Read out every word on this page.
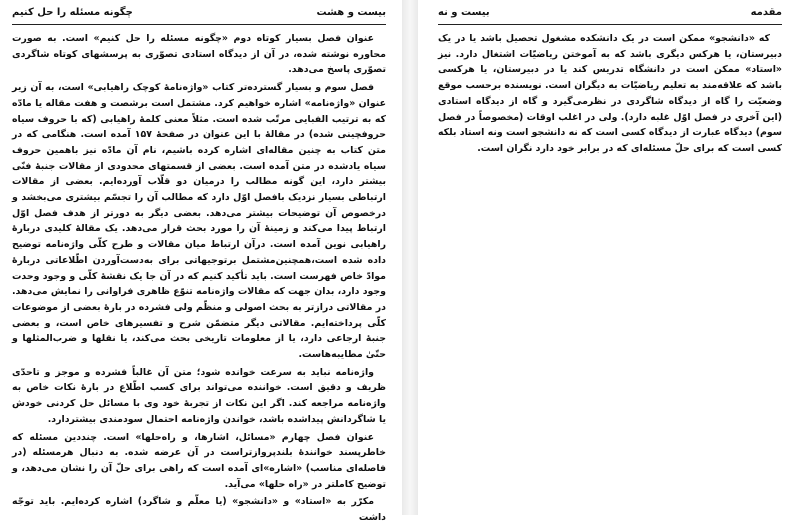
بیست و هشت
چگونه مسئله را حل کنیم

عنوان فصل بسیار کوتاه دوم «چگونه مسئله را حل کنیم» است. به صورت محاوره نوشته شده، در آن از دیدگاه استادی تصوّری به پرسشهای کوتاه شاگردی تصوّری پاسخ می‌دهد.

فصل سوم و بسیار گسترده‌تر کتاب «واژه‌نامهٔ کوچک راهیابی» است، به آن زیر عنوان «واژه‌نامه» اشاره خواهیم کرد. مشتمل است برشصت و هفت مقاله یا مادّه که به ترتیب الفبایی مرتّب شده است. مثلاً معنی کلمهٔ راهیابی (که با حروف سیاه حروفچینی شده) در مقالهٔ با این عنوان در صفحهٔ ۱۵۷ آمده است. هنگامی که در متن کتاب به چنین مقاله‌ای اشاره کرده باشیم، نام آن مادّه نیز باهمین حروف سیاه یادشده در متن آمده است. بعضی از قسمتهای محدودی از مقالات جنبهٔ فنّی بیشتر دارد، این گونه مطالب را درمیان دو قلّاب آورده‌ایم. بعضی از مقالات ارتباطی بسیار نزدیک بافصل اوّل دارد که مطالب آن را تجسّم بیشتری می‌بخشد و درخصوص آن توضیحات بیشتر می‌دهد. بعضی دیگر به دورتر از هدف فصل اوّل ارتباط پیدا می‌کند و زمینهٔ آن را مورد بحث قرار می‌دهد. یک مقالهٔ کلیدی دربارهٔ راهیابی نوین آمده است. درآن ارتباط میان مقالات و طرح کلّی واژه‌نامه توضیح داده شده است،همچنین‌مشتمل برتوجیهاتی برای به‌دست‌آوردن اطّلاعاتی دربارهٔ موادّ خاص فهرست است. باید تأکید کنیم که در آن جا یک نقشهٔ کلّی و وجود وحدت وجود دارد، بدان جهت که مقالات واژه‌نامه تنوّع ظاهری فراوانی را نمایش می‌دهد. در مقالاتی درازتر به بحث اصولی و منظّم ولی فشرده در بارهٔ بعضی از موضوعات کلّی پرداخته‌ایم. مقالاتی دیگر متضمّن شرح و تفسیرهای خاص است، و بعضی جنبهٔ ارجاعی دارد، یا از معلومات تاریخی بحث می‌کند، یا نقلها و ضرب‌المثلها و حتّیٰ مطایبه‌هاست.

واژه‌نامه نباید به سرعت خوانده شود؛ متن آن غالباً فشرده و موجز و تاحدّی ظریف و دقیق است. خواننده می‌تواند برای کسب اطّلاع در بارهٔ نکات خاص به واژه‌نامه مراجعه کند. اگر این نکات از تجربهٔ خود وی با مسائل حل کردنی خودش یا شاگردانش پیداشده باشد، خواندن واژه‌نامه احتمال سودمندی بیشتردارد.

عنوان فصل چهارم «مسائل، اشارها، و راه‌حلها» است. چنددین مسئله که خاطرپسند خوانندهٔ بلندپروازتراست در آن عرضه شده. به دنبال هرمسئله (در فاصله‌ای مناسب) «اشاره»ای آمده است که راهی برای حلّ آن را نشان می‌دهد، و توضیح کاملتر در «راه حلها» می‌آید.

مکرّر به «استاد» و «دانشجو» (یا معلّم و شاگرد) اشاره کرده‌ایم. باید توجّه داشت

مقدمه
بیست و نه

که «دانشجو» ممکن است در یک دانشکده مشغول تحصیل باشد یا در یک دبیرستان، یا هرکس دیگری باشد که به آموختن ریاضیّات اشتغال دارد. نیز «استاد» ممکن است در دانشگاه تدریس کند یا در دبیرستان، یا هرکسی باشد که علاقه‌مند به تعلیم ریاضیّات به دیگران است. نویسنده برحسب موقع وضعیّت را گاه از دیدگاه شاگردی در نظرمی‌گیرد و گاه از دیدگاه استادی (این آخری در فصل اوّل غلبه دارد). ولی در اغلب اوقات (مخصوصاً در فصل سوم) دیدگاه عبارت از دیدگاه کسی است که نه دانشجو است ونه استاد بلکه کسی است که برای حلّ مسئله‌ای که در برابر خود دارد نگران است.
